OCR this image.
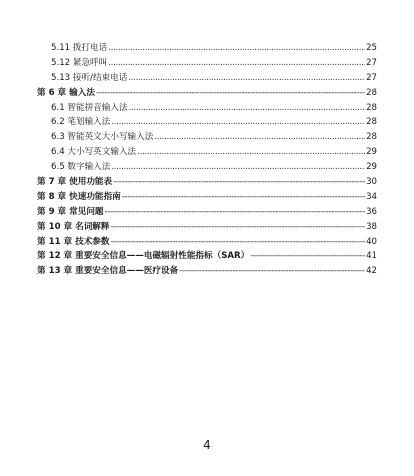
5.11 拨打电话 .....	25
5.12 紧急呼叫 .....	27
5.13 接听/结束电话 .....	27
第 6 章 输入法 -----	28
6.1 智能拼音输入法 .....	28
6.2 笔划输入法 .....	28
6.3 智能英文大小写输入法 .....	28
6.4 大小写英文输入法 .....	29
6.5 数字输入法 .....	29
第 7 章 使用功能表 -----	30
第 8 章 快速功能指南 -----	34
第 9 章 常见问题 -----	36
第 10 章 名词解释 -----	38
第 11 章 技术参数 -----	40
第 12 章 重要安全信息——电磁辐射性能指标（SAR） -----	41
第 13 章 重要安全信息——医疗设备 -----	42
4
